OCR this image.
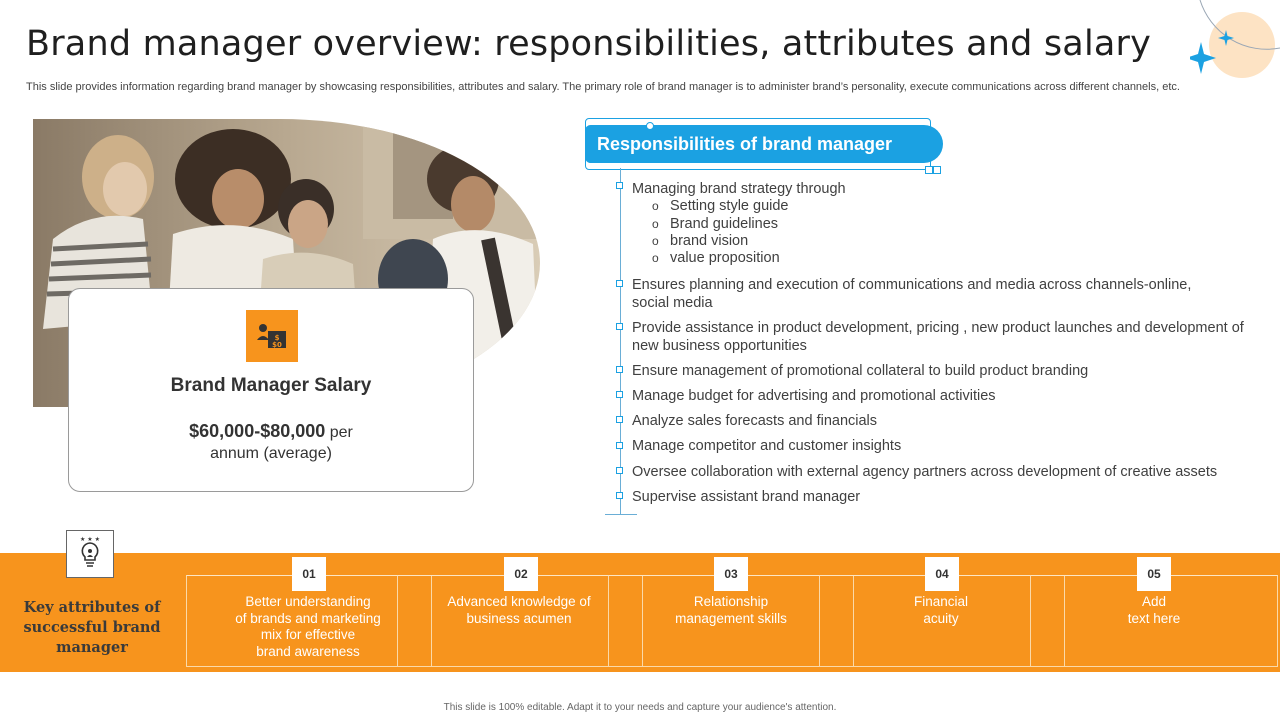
Brand manager overview: responsibilities, attributes and salary

This slide provides information regarding brand manager by showcasing responsibilities, attributes and salary. The primary role of brand manager is to administer brand’s personality, execute communications across different channels, etc.

$
$0
Brand Manager Salary
$60,000-$80,000 per
annum (average)
Responsibilities of brand manager
Managing brand strategy through
o Setting style guide
o Brand guidelines
o brand vision
o value proposition
Ensures planning and execution of communications and media across channels-online, social media
Provide assistance in product development, pricing , new product launches and development of new business opportunities
Ensure management of promotional collateral to build product branding
Manage budget for advertising and promotional activities
Analyze sales forecasts and financials
Manage competitor and customer insights
Oversee collaboration with external agency partners across development of creative assets
Supervise assistant brand manager
★ ★ ★
Key attributes of successful brand manager
01	02	03	04	05
Better understanding
of brands and marketing
mix for effective
brand awareness
Advanced knowledge of
business acumen
Relationship
management skills
Financial
acuity
Add
text here
This slide is 100% editable. Adapt it to your needs and capture your audience's attention.
